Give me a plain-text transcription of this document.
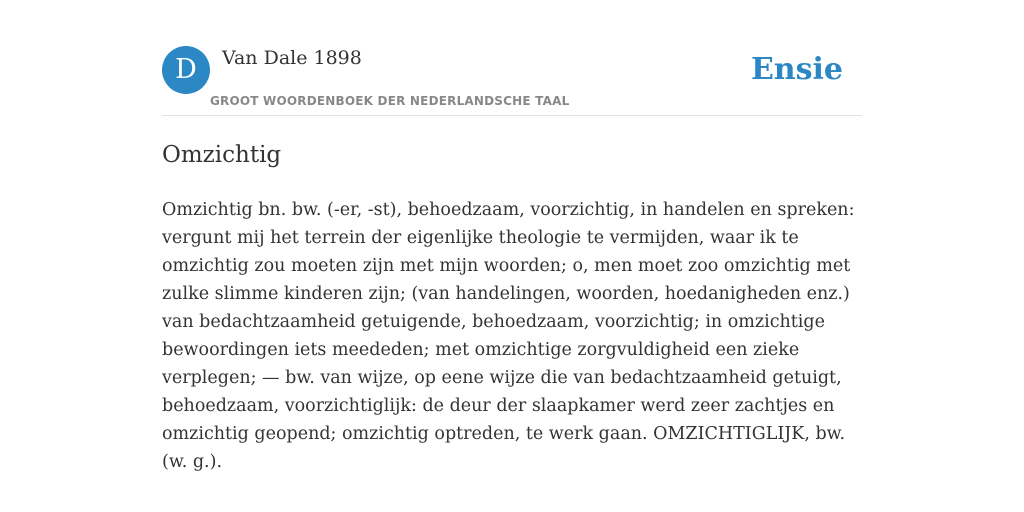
D	Van Dale 1898
GROOT WOORDENBOEK DER NEDERLANDSCHE TAAL
Ensie
Omzichtig

Omzichtig bn. bw. (-er, -st), behoedzaam, voorzichtig, in handelen en spreken: vergunt mij het terrein der eigenlijke theologie te vermijden, waar ik te omzichtig zou moeten zijn met mijn woorden; o, men moet zoo omzichtig met zulke slimme kinderen zijn; (van handelingen, woorden, hoedanigheden enz.) van bedachtzaamheid getuigende, behoedzaam, voorzichtig; in omzichtige bewoordingen iets meededen; met omzichtige zorgvuldigheid een zieke verplegen; — bw. van wijze, op eene wijze die van bedachtzaamheid getuigt, behoedzaam, voorzichtiglijk: de deur der slaapkamer werd zeer zachtjes en omzichtig geopend; omzichtig optreden, te werk gaan. OMZICHTIGLIJK, bw. (w. g.).
